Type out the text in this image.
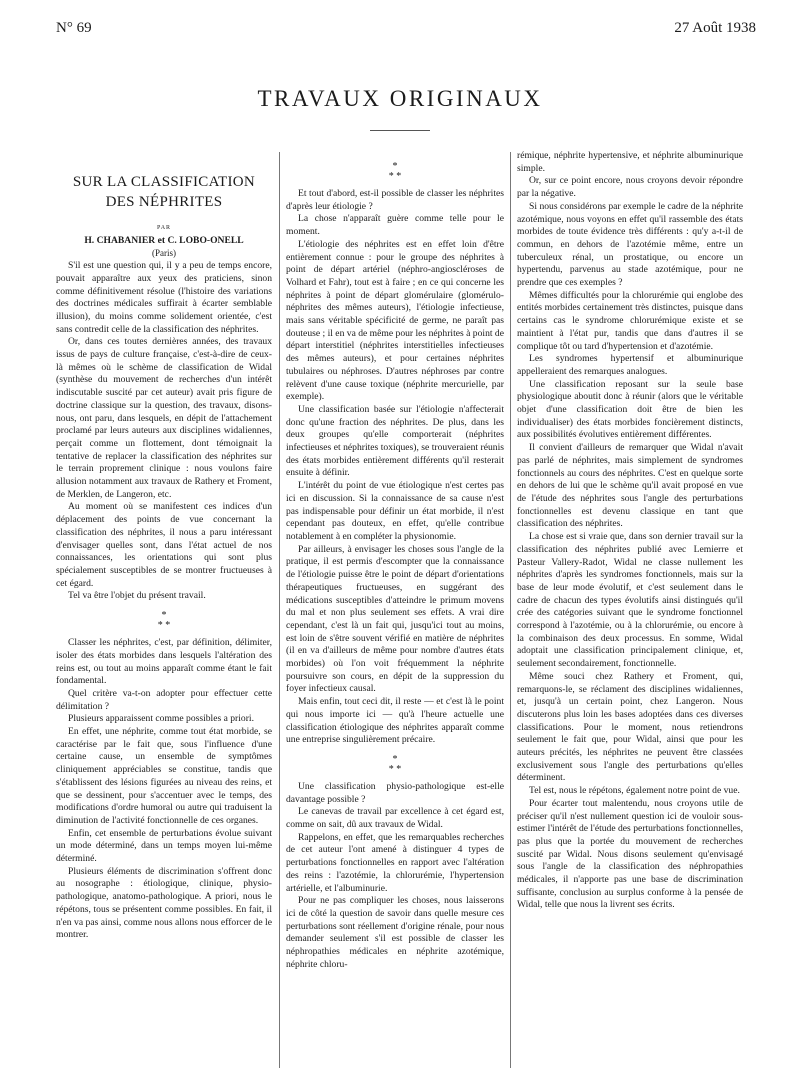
N° 69	27 Août 1938
TRAVAUX ORIGINAUX
SUR LA CLASSIFICATION
DES NÉPHRITES

PAR

H. CHABANIER et C. LOBO-ONELL

(Paris)

S'il est une question qui, il y a peu de temps encore, pouvait apparaître aux yeux des praticiens, sinon comme définitivement résolue (l'histoire des variations des doctrines médicales suffirait à écarter semblable illusion), du moins comme solidement orientée, c'est sans contredit celle de la classification des néphrites.

Or, dans ces toutes dernières années, des travaux issus de pays de culture française, c'est-à-dire de ceux-là mêmes où le schème de classification de Widal (synthèse du mouvement de recherches d'un intérêt indiscutable suscité par cet auteur) avait pris figure de doctrine classique sur la question, des travaux, disons-nous, ont paru, dans lesquels, en dépit de l'attachement proclamé par leurs auteurs aux disciplines widaliennes, perçait comme un flottement, dont témoignait la tentative de replacer la classification des néphrites sur le terrain proprement clinique : nous voulons faire allusion notamment aux travaux de Rathery et Froment, de Merklen, de Langeron, etc.

Au moment où se manifestent ces indices d'un déplacement des points de vue concernant la classification des néphrites, il nous a paru intéressant d'envisager quelles sont, dans l'état actuel de nos connaissances, les orientations qui sont plus spécialement susceptibles de se montrer fructueuses à cet égard.

Tel va être l'objet du présent travail.

*
* *

Classer les néphrites, c'est, par définition, délimiter, isoler des états morbides dans lesquels l'altération des reins est, ou tout au moins apparaît comme étant le fait fondamental.

Quel critère va-t-on adopter pour effectuer cette délimitation ?

Plusieurs apparaissent comme possibles a priori.

En effet, une néphrite, comme tout état morbide, se caractérise par le fait que, sous l'influence d'une certaine cause, un ensemble de symptômes cliniquement appréciables se constitue, tandis que s'établissent des lésions figurées au niveau des reins, et que se dessinent, pour s'accentuer avec le temps, des modifications d'ordre humoral ou autre qui traduisent la diminution de l'activité fonctionnelle de ces organes.

Enfin, cet ensemble de perturbations évolue suivant un mode déterminé, dans un temps moyen lui-même déterminé.

Plusieurs éléments de discrimination s'offrent donc au nosographe : étiologique, clinique, physio-pathologique, anatomo-pathologique. A priori, nous le répétons, tous se présentent comme possibles. En fait, il n'en va pas ainsi, comme nous allons nous efforcer de le montrer.

*
* *

Et tout d'abord, est-il possible de classer les néphrites d'après leur étiologie ?

La chose n'apparaît guère comme telle pour le moment.

L'étiologie des néphrites est en effet loin d'être entièrement connue : pour le groupe des néphrites à point de départ artériel (néphro-angioscléroses de Volhard et Fahr), tout est à faire ; en ce qui concerne les néphrites à point de départ glomérulaire (glomérulo-néphrites des mêmes auteurs), l'étiologie infectieuse, mais sans véritable spécificité de germe, ne paraît pas douteuse ; il en va de même pour les néphrites à point de départ interstitiel (néphrites interstitielles infectieuses des mêmes auteurs), et pour certaines néphrites tubulaires ou néphroses. D'autres néphroses par contre relèvent d'une cause toxique (néphrite mercurielle, par exemple).

Une classification basée sur l'étiologie n'affecterait donc qu'une fraction des néphrites. De plus, dans les deux groupes qu'elle comporterait (néphrites infectieuses et néphrites toxiques), se trouveraient réunis des états morbides entièrement différents qu'il resterait ensuite à définir.

L'intérêt du point de vue étiologique n'est certes pas ici en discussion. Si la connaissance de sa cause n'est pas indispensable pour définir un état morbide, il n'est cependant pas douteux, en effet, qu'elle contribue notablement à en compléter la physionomie.

Par ailleurs, à envisager les choses sous l'angle de la pratique, il est permis d'escompter que la connaissance de l'étiologie puisse être le point de départ d'orientations thérapeutiques fructueuses, en suggérant des médications susceptibles d'atteindre le primum movens du mal et non plus seulement ses effets. A vrai dire cependant, c'est là un fait qui, jusqu'ici tout au moins, est loin de s'être souvent vérifié en matière de néphrites (il en va d'ailleurs de même pour nombre d'autres états morbides) où l'on voit fréquemment la néphrite poursuivre son cours, en dépit de la suppression du foyer infectieux causal.

Mais enfin, tout ceci dit, il reste — et c'est là le point qui nous importe ici — qu'à l'heure actuelle une classification étiologique des néphrites apparaît comme une entreprise singulièrement précaire.

*
* *

Une classification physio-pathologique est-elle davantage possible ?

Le canevas de travail par excellence à cet égard est, comme on sait, dû aux travaux de Widal.

Rappelons, en effet, que les remarquables recherches de cet auteur l'ont amené à distinguer 4 types de perturbations fonctionnelles en rapport avec l'altération des reins : l'azotémie, la chlorurémie, l'hypertension artérielle, et l'albuminurie.

Pour ne pas compliquer les choses, nous laisserons ici de côté la question de savoir dans quelle mesure ces perturbations sont réellement d'origine rénale, pour nous demander seulement s'il est possible de classer les néphropathies médicales en néphrite azotémique, néphrite chloru-

rémique, néphrite hypertensive, et néphrite albuminurique simple.

Or, sur ce point encore, nous croyons devoir répondre par la négative.

Si nous considérons par exemple le cadre de la néphrite azotémique, nous voyons en effet qu'il rassemble des états morbides de toute évidence très différents : qu'y a-t-il de commun, en dehors de l'azotémie même, entre un tuberculeux rénal, un prostatique, ou encore un hypertendu, parvenus au stade azotémique, pour ne prendre que ces exemples ?

Mêmes difficultés pour la chlorurémie qui englobe des entités morbides certainement très distinctes, puisque dans certains cas le syndrome chlorurémique existe et se maintient à l'état pur, tandis que dans d'autres il se complique tôt ou tard d'hypertension et d'azotémie.

Les syndromes hypertensif et albuminurique appelleraient des remarques analogues.

Une classification reposant sur la seule base physiologique aboutit donc à réunir (alors que le véritable objet d'une classification doit être de bien les individualiser) des états morbides foncièrement distincts, aux possibilités évolutives entièrement différentes.

Il convient d'ailleurs de remarquer que Widal n'avait pas parlé de néphrites, mais simplement de syndromes fonctionnels au cours des néphrites. C'est en quelque sorte en dehors de lui que le schème qu'il avait proposé en vue de l'étude des néphrites sous l'angle des perturbations fonctionnelles est devenu classique en tant que classification des néphrites.

La chose est si vraie que, dans son dernier travail sur la classification des néphrites publié avec Lemierre et Pasteur Vallery-Radot, Widal ne classe nullement les néphrites d'après les syndromes fonctionnels, mais sur la base de leur mode évolutif, et c'est seulement dans le cadre de chacun des types évolutifs ainsi distingués qu'il crée des catégories suivant que le syndrome fonctionnel correspond à l'azotémie, ou à la chlorurémie, ou encore à la combinaison des deux processus. En somme, Widal adoptait une classification principalement clinique, et, seulement secondairement, fonctionnelle.

Même souci chez Rathery et Froment, qui, remarquons-le, se réclament des disciplines widaliennes, et, jusqu'à un certain point, chez Langeron. Nous discuterons plus loin les bases adoptées dans ces diverses classifications. Pour le moment, nous retiendrons seulement le fait que, pour Widal, ainsi que pour les auteurs précités, les néphrites ne peuvent être classées exclusivement sous l'angle des perturbations qu'elles déterminent.

Tel est, nous le répétons, également notre point de vue.

Pour écarter tout malentendu, nous croyons utile de préciser qu'il n'est nullement question ici de vouloir sous-estimer l'intérêt de l'étude des perturbations fonctionnelles, pas plus que la portée du mouvement de recherches suscité par Widal. Nous disons seulement qu'envisagé sous l'angle de la classification des néphropathies médicales, il n'apporte pas une base de discrimination suffisante, conclusion au surplus conforme à la pensée de Widal, telle que nous la livrent ses écrits.
